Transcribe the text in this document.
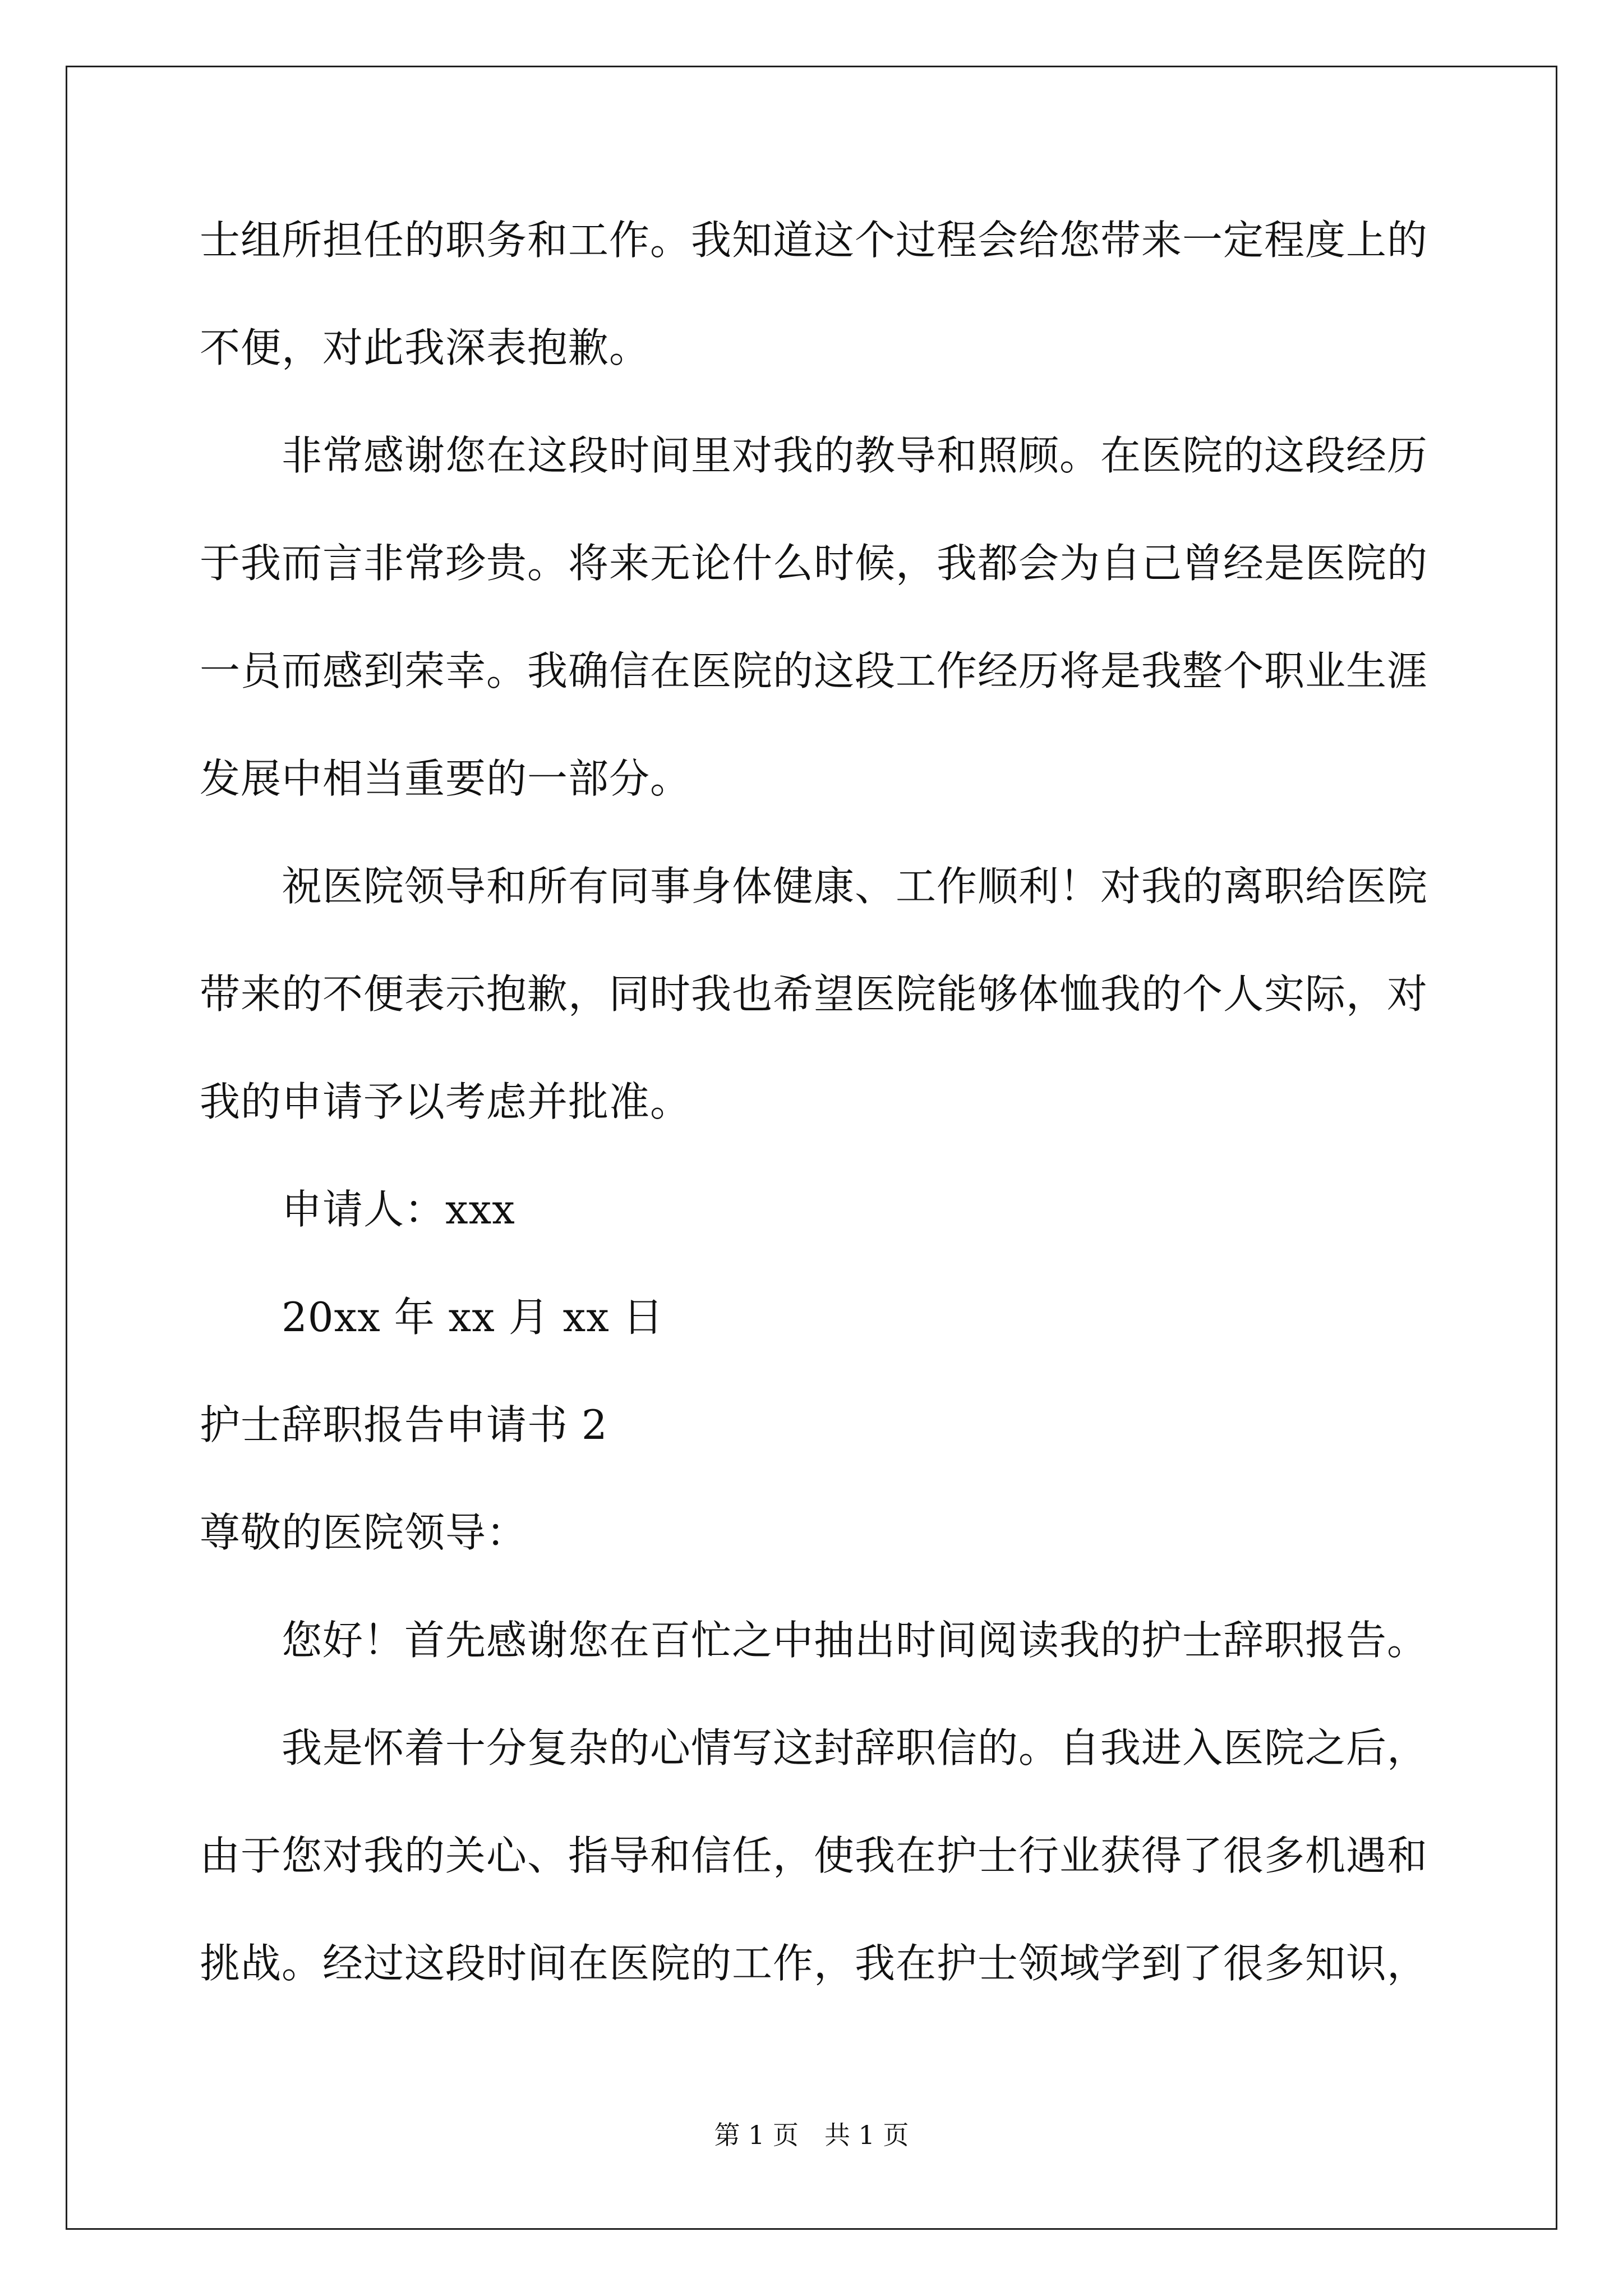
士组所担任的职务和工作。我知道这个过程会给您带来一定程度上的
不便，对此我深表抱歉。
非常感谢您在这段时间里对我的教导和照顾。在医院的这段经历
于我而言非常珍贵。将来无论什么时候，我都会为自己曾经是医院的
一员而感到荣幸。我确信在医院的这段工作经历将是我整个职业生涯
发展中相当重要的一部分。
祝医院领导和所有同事身体健康、工作顺利！对我的离职给医院
带来的不便表示抱歉，同时我也希望医院能够体恤我的个人实际，对
我的申请予以考虑并批准。
申请人：xxx
20xx 年 xx 月 xx 日
护士辞职报告申请书 2
尊敬的医院领导：
您好！首先感谢您在百忙之中抽出时间阅读我的护士辞职报告。
我是怀着十分复杂的心情写这封辞职信的。自我进入医院之后，
由于您对我的关心、指导和信任，使我在护士行业获得了很多机遇和
挑战。经过这段时间在医院的工作，我在护士领域学到了很多知识，
第 1 页　共 1 页
